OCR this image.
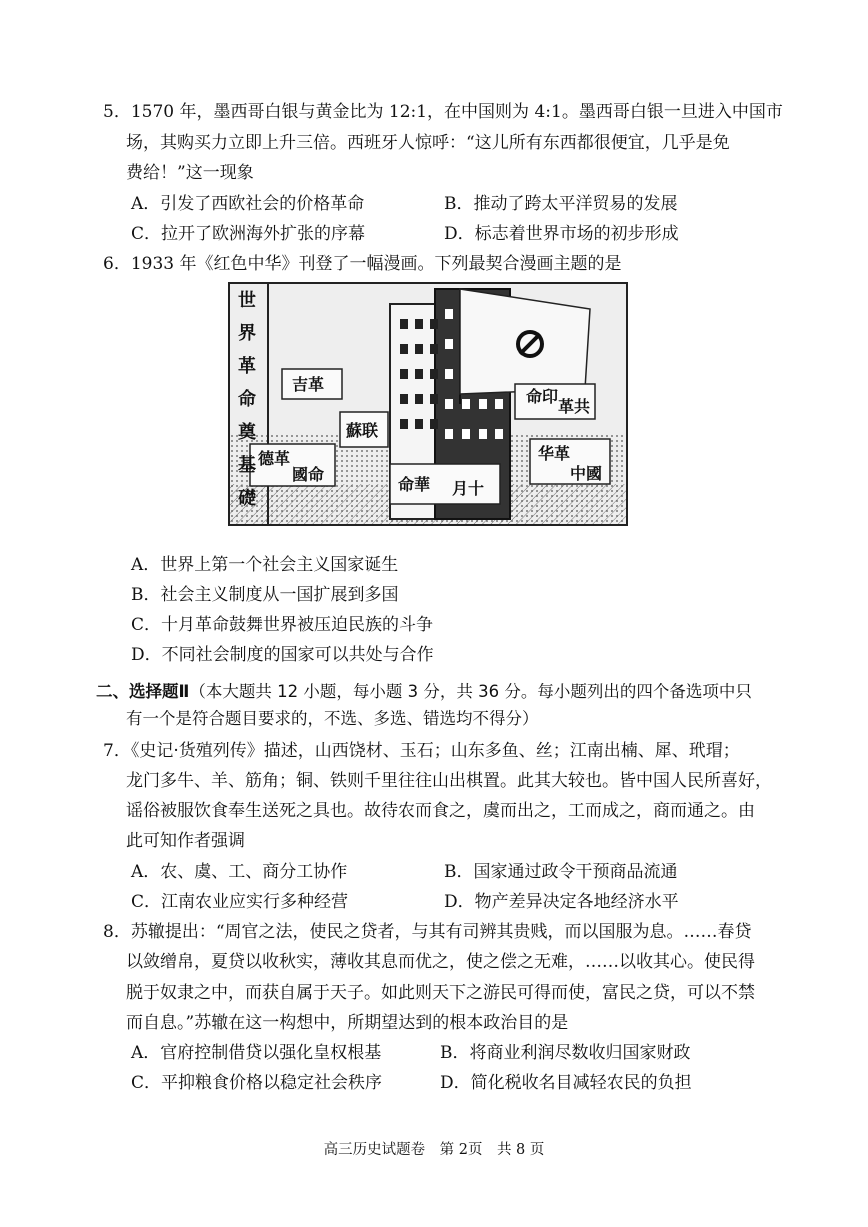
5．1570 年，墨西哥白银与黄金比为 12:1，在中国则为 4:1。墨西哥白银一旦进入中国市
场，其购买力立即上升三倍。西班牙人惊呼：“这儿所有东西都很便宜，几乎是免
费给！”这一现象
A．引发了西欧社会的价格革命	B．推动了跨太平洋贸易的发展
C．拉开了欧洲海外扩张的序幕	D．标志着世界市场的初步形成
6．1933 年《红色中华》刊登了一幅漫画。下列最契合漫画主题的是
世
界
革
命
奠
基
礎
吉革
蘇联
德革
國命
华革
中國
命華 月十
命印
革共
A．世界上第一个社会主义国家诞生
B．社会主义制度从一国扩展到多国
C．十月革命鼓舞世界被压迫民族的斗争
D．不同社会制度的国家可以共处与合作
二、选择题Ⅱ（本大题共 12 小题，每小题 3 分，共 36 分。每小题列出的四个备选项中只
有一个是符合题目要求的，不选、多选、错选均不得分）
7．《史记·货殖列传》描述，山西饶材、玉石；山东多鱼、丝；江南出楠、犀、玳瑁；
龙门多牛、羊、筋角；铜、铁则千里往往山出棋置。此其大较也。皆中国人民所喜好，
谣俗被服饮食奉生送死之具也。故待农而食之，虞而出之，工而成之，商而通之。由
此可知作者强调
A．农、虞、工、商分工协作	B．国家通过政令干预商品流通
C．江南农业应实行多种经营	D．物产差异决定各地经济水平
8．苏辙提出：“周官之法，使民之贷者，与其有司辨其贵贱，而以国服为息。……春贷
以敛缯帛，夏贷以收秋实，薄收其息而优之，使之偿之无难，……以收其心。使民得
脱于奴隶之中，而获自属于天子。如此则天下之游民可得而使，富民之贷，可以不禁
而自息。”苏辙在这一构想中，所期望达到的根本政治目的是
A．官府控制借贷以强化皇权根基	B．将商业利润尽数收归国家财政
C．平抑粮食价格以稳定社会秩序	D．简化税收名目减轻农民的负担
高三历史试题卷　第 2页　共 8 页
